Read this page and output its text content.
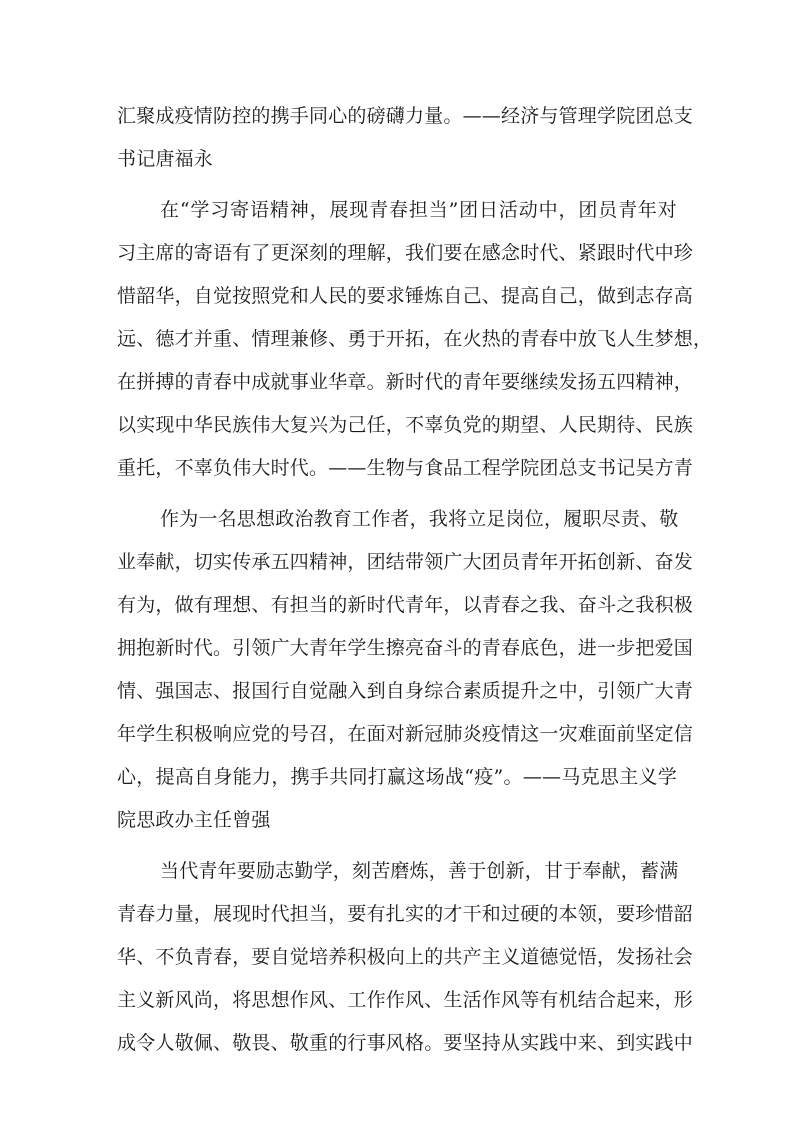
汇聚成疫情防控的携手同心的磅礴力量。——经济与管理学院团总支
书记唐福永
在“学习寄语精神，展现青春担当”团日活动中，团员青年对
习主席的寄语有了更深刻的理解，我们要在感念时代、紧跟时代中珍
惜韶华，自觉按照党和人民的要求锤炼自己、提高自己，做到志存高
远、德才并重、情理兼修、勇于开拓，在火热的青春中放飞人生梦想，
在拼搏的青春中成就事业华章。新时代的青年要继续发扬五四精神，
以实现中华民族伟大复兴为己任，不辜负党的期望、人民期待、民族
重托，不辜负伟大时代。——生物与食品工程学院团总支书记吴方青
作为一名思想政治教育工作者，我将立足岗位，履职尽责、敬
业奉献，切实传承五四精神，团结带领广大团员青年开拓创新、奋发
有为，做有理想、有担当的新时代青年，以青春之我、奋斗之我积极
拥抱新时代。引领广大青年学生擦亮奋斗的青春底色，进一步把爱国
情、强国志、报国行自觉融入到自身综合素质提升之中，引领广大青
年学生积极响应党的号召，在面对新冠肺炎疫情这一灾难面前坚定信
心，提高自身能力，携手共同打赢这场战“疫”。——马克思主义学
院思政办主任曾强
当代青年要励志勤学，刻苦磨炼，善于创新，甘于奉献，蓄满
青春力量，展现时代担当，要有扎实的才干和过硬的本领，要珍惜韶
华、不负青春，要自觉培养积极向上的共产主义道德觉悟，发扬社会
主义新风尚，将思想作风、工作作风、生活作风等有机结合起来，形
成令人敬佩、敬畏、敬重的行事风格。要坚持从实践中来、到实践中
